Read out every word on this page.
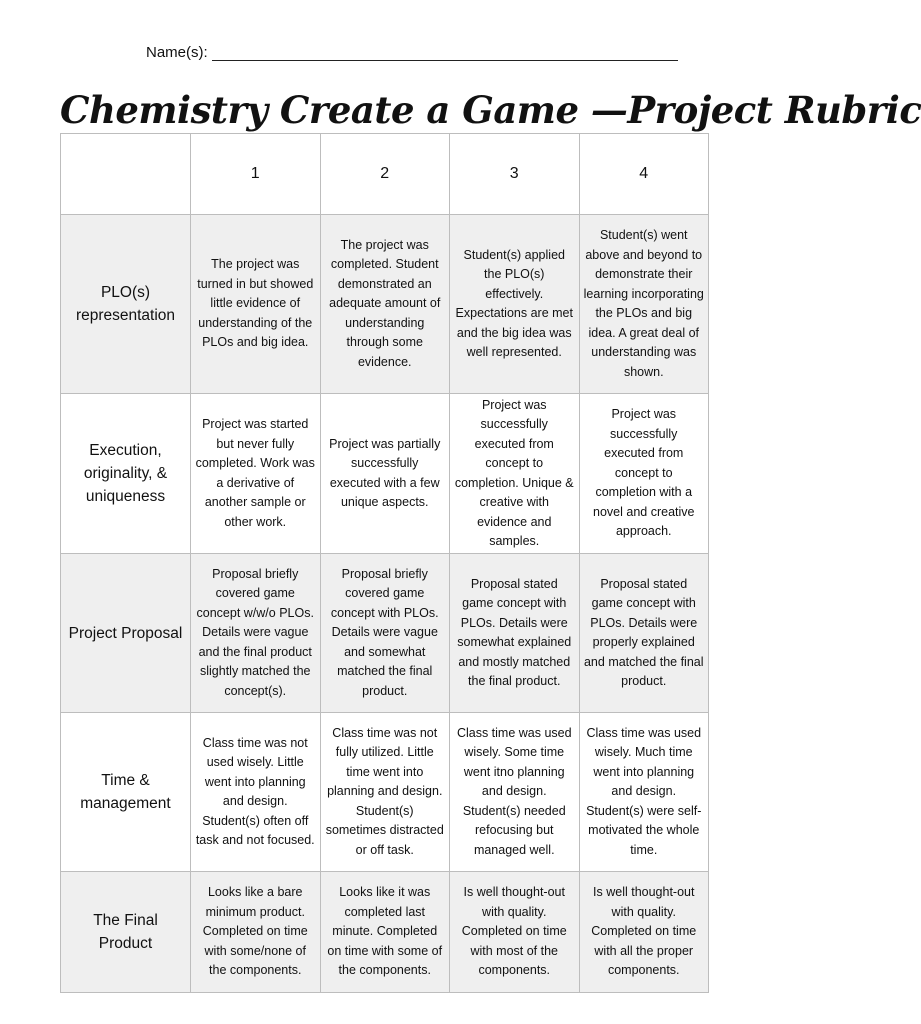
Name(s):
Chemistry Create a Game —Project Rubric
	1	2	3	4
PLO(s) representation	The project was turned in but showed little evidence of understanding of the PLOs and big idea.	The project was completed. Student demonstrated an adequate amount of understanding through some evidence.	Student(s) applied the PLO(s) effectively. Expectations are met and the big idea was well represented.	Student(s) went above and beyond to demonstrate their learning incorporating the PLOs and big idea. A great deal of understanding was shown.
Execution, originality, & uniqueness	Project was started but never fully completed. Work was a derivative of another sample or other work.	Project was partially successfully executed with a few unique aspects.	Project was successfully executed from concept to completion. Unique & creative with evidence and samples.	Project was successfully executed from concept to completion with a novel and creative approach.
Project Proposal	Proposal briefly covered game concept w/w/o PLOs. Details were vague and the final product slightly matched the concept(s).	Proposal briefly covered game concept with PLOs. Details were vague and somewhat matched the final product.	Proposal stated game concept with PLOs. Details were somewhat explained and mostly matched the final product.	Proposal stated game concept with PLOs. Details were properly explained and matched the final product.
Time & management	Class time was not used wisely. Little went into planning and design. Student(s) often off task and not focused.	Class time was not fully utilized. Little time went into planning and design. Student(s) sometimes distracted or off task.	Class time was used wisely. Some time went itno planning and design. Student(s) needed refocusing but managed well.	Class time was used wisely. Much time went into planning and design. Student(s) were self-motivated the whole time.
The Final Product	Looks like a bare minimum product. Completed on time with some/none of the components.	Looks like it was completed last minute. Completed on time with some of the components.	Is well thought-out with quality. Completed on time with most of the components.	Is well thought-out with quality. Completed on time with all the proper components.
